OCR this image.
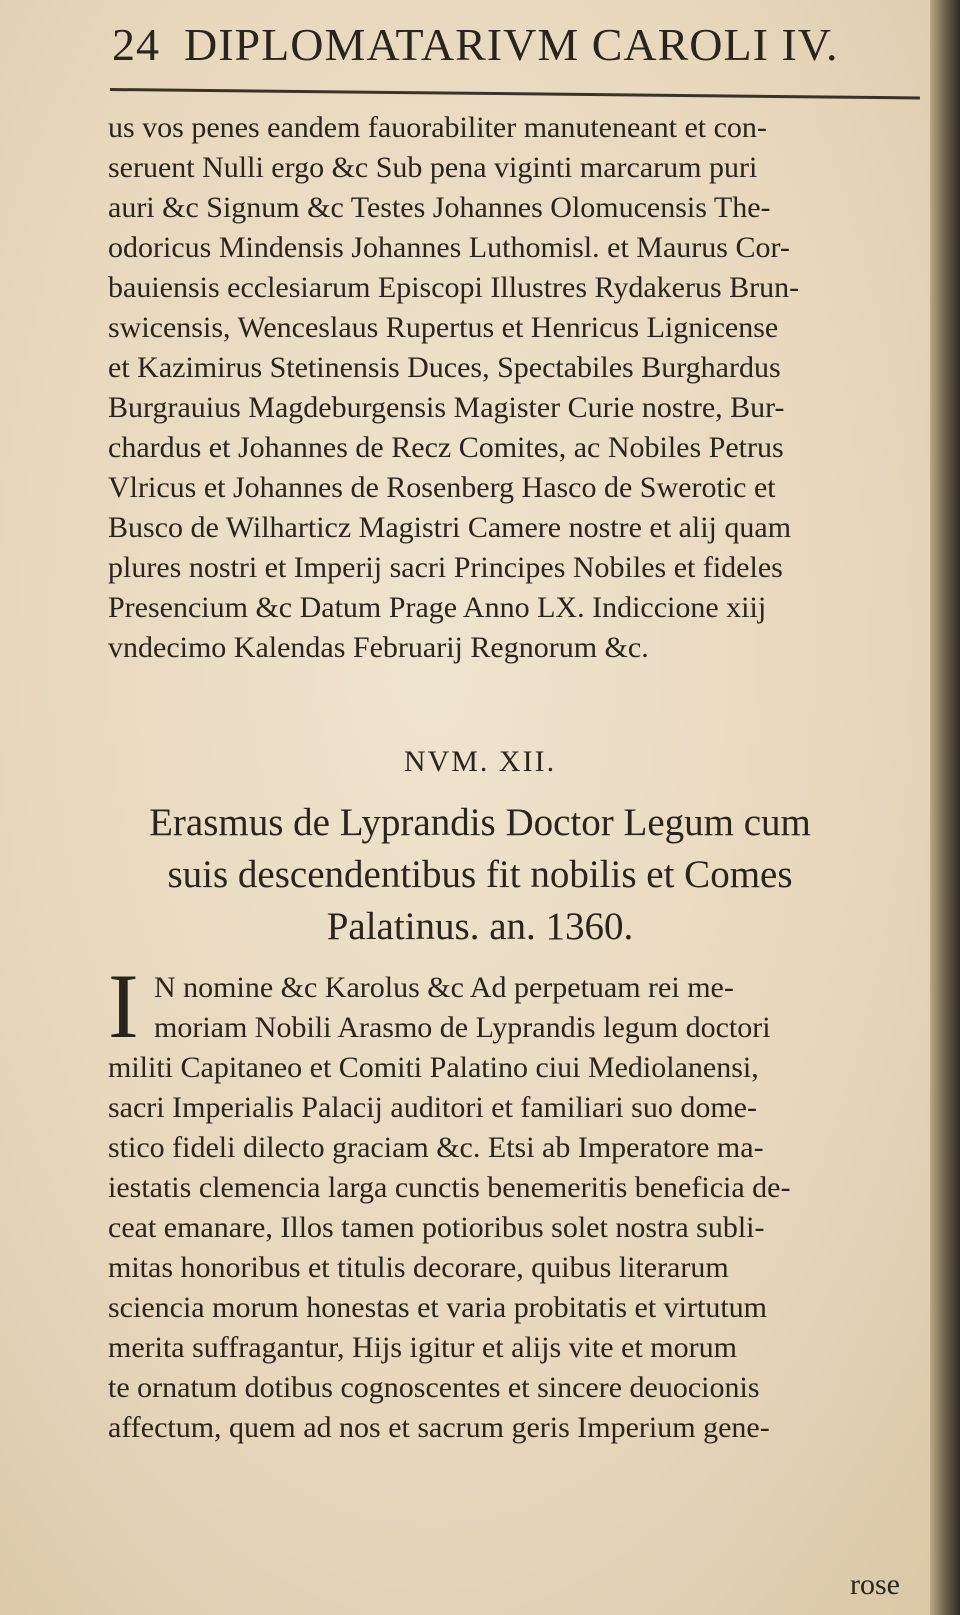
24 DIPLOMATARIVM CAROLI IV.

us vos penes eandem fauorabiliter manuteneant et con-

seruent Nulli ergo &c Sub pena viginti marcarum puri

auri &c Signum &c Testes Johannes Olomucensis The-

odoricus Mindensis Johannes Luthomisl. et Maurus Cor-

bauiensis ecclesiarum Episcopi Illustres Rydakerus Brun-

swicensis, Wenceslaus Rupertus et Henricus Lignicense

et Kazimirus Stetinensis Duces, Spectabiles Burghardus

Burgrauius Magdeburgensis Magister Curie nostre, Bur-

chardus et Johannes de Recz Comites, ac Nobiles Petrus

Vlricus et Johannes de Rosenberg Hasco de Swerotic et

Busco de Wilharticz Magistri Camere nostre et alij quam

plures nostri et Imperij sacri Principes Nobiles et fideles

Presencium &c Datum Prage Anno LX. Indiccione xiij

vndecimo Kalendas Februarij Regnorum &c.

NVM. XII.

Erasmus de Lyprandis Doctor Legum cum

suis descendentibus fit nobilis et Comes

Palatinus. an. 1360.

I N nomine &c Karolus &c Ad perpetuam rei me-

moriam Nobili Arasmo de Lyprandis legum doctori

militi Capitaneo et Comiti Palatino ciui Mediolanensi,

sacri Imperialis Palacij auditori et familiari suo dome-

stico fideli dilecto graciam &c. Etsi ab Imperatore ma-

iestatis clemencia larga cunctis benemeritis beneficia de-

ceat emanare, Illos tamen potioribus solet nostra subli-

mitas honoribus et titulis decorare, quibus literarum

sciencia morum honestas et varia probitatis et virtutum

merita suffragantur, Hijs igitur et alijs vite et morum

te ornatum dotibus cognoscentes et sincere deuocionis

affectum, quem ad nos et sacrum geris Imperium gene-

rose
